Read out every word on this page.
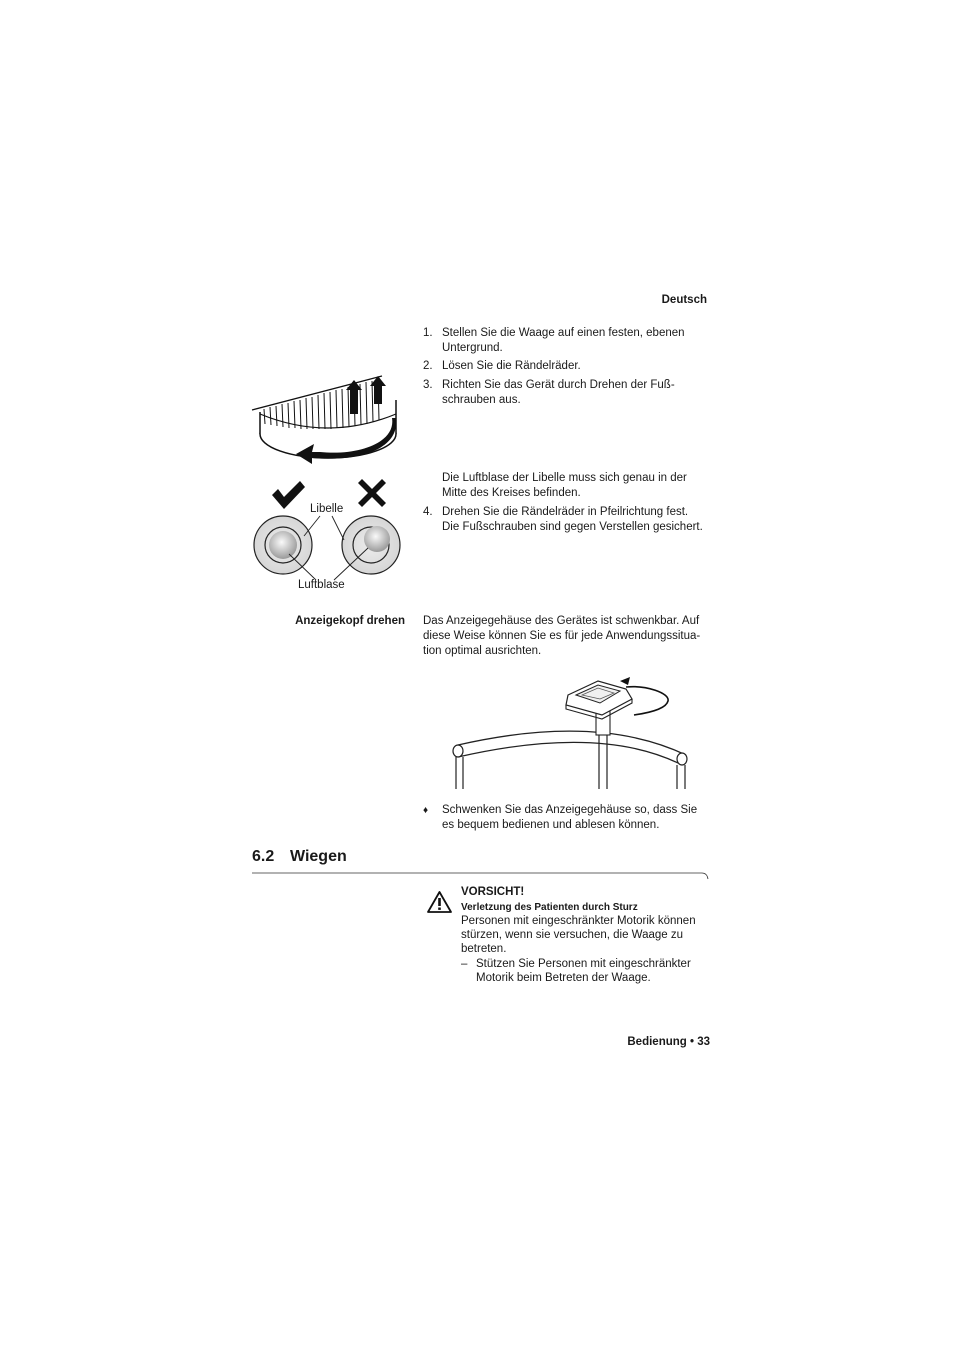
Deutsch
1. Stellen Sie die Waage auf einen festen, ebenen Untergrund.
2. Lösen Sie die Rändelräder.
3. Richten Sie das Gerät durch Drehen der Fuß-schrauben aus.
Libelle
Luftblase
Die Luftblase der Libelle muss sich genau in der Mitte des Kreises befinden.
4. Drehen Sie die Rändelräder in Pfeilrichtung fest. Die Fußschrauben sind gegen Verstellen gesichert.
Anzeigekopf drehen Das Anzeigegehäuse des Gerätes ist schwenkbar. Auf diese Weise können Sie es für jede Anwendungssitua-tion optimal ausrichten.
♦ Schwenken Sie das Anzeigegehäuse so, dass Sie es bequem bedienen und ablesen können.
6.2 Wiegen
VORSICHT!
Verletzung des Patienten durch Sturz
Personen mit eingeschränkter Motorik können stürzen, wenn sie versuchen, die Waage zu betreten.
– Stützen Sie Personen mit eingeschränkter Motorik beim Betreten der Waage.
Bedienung • 33
